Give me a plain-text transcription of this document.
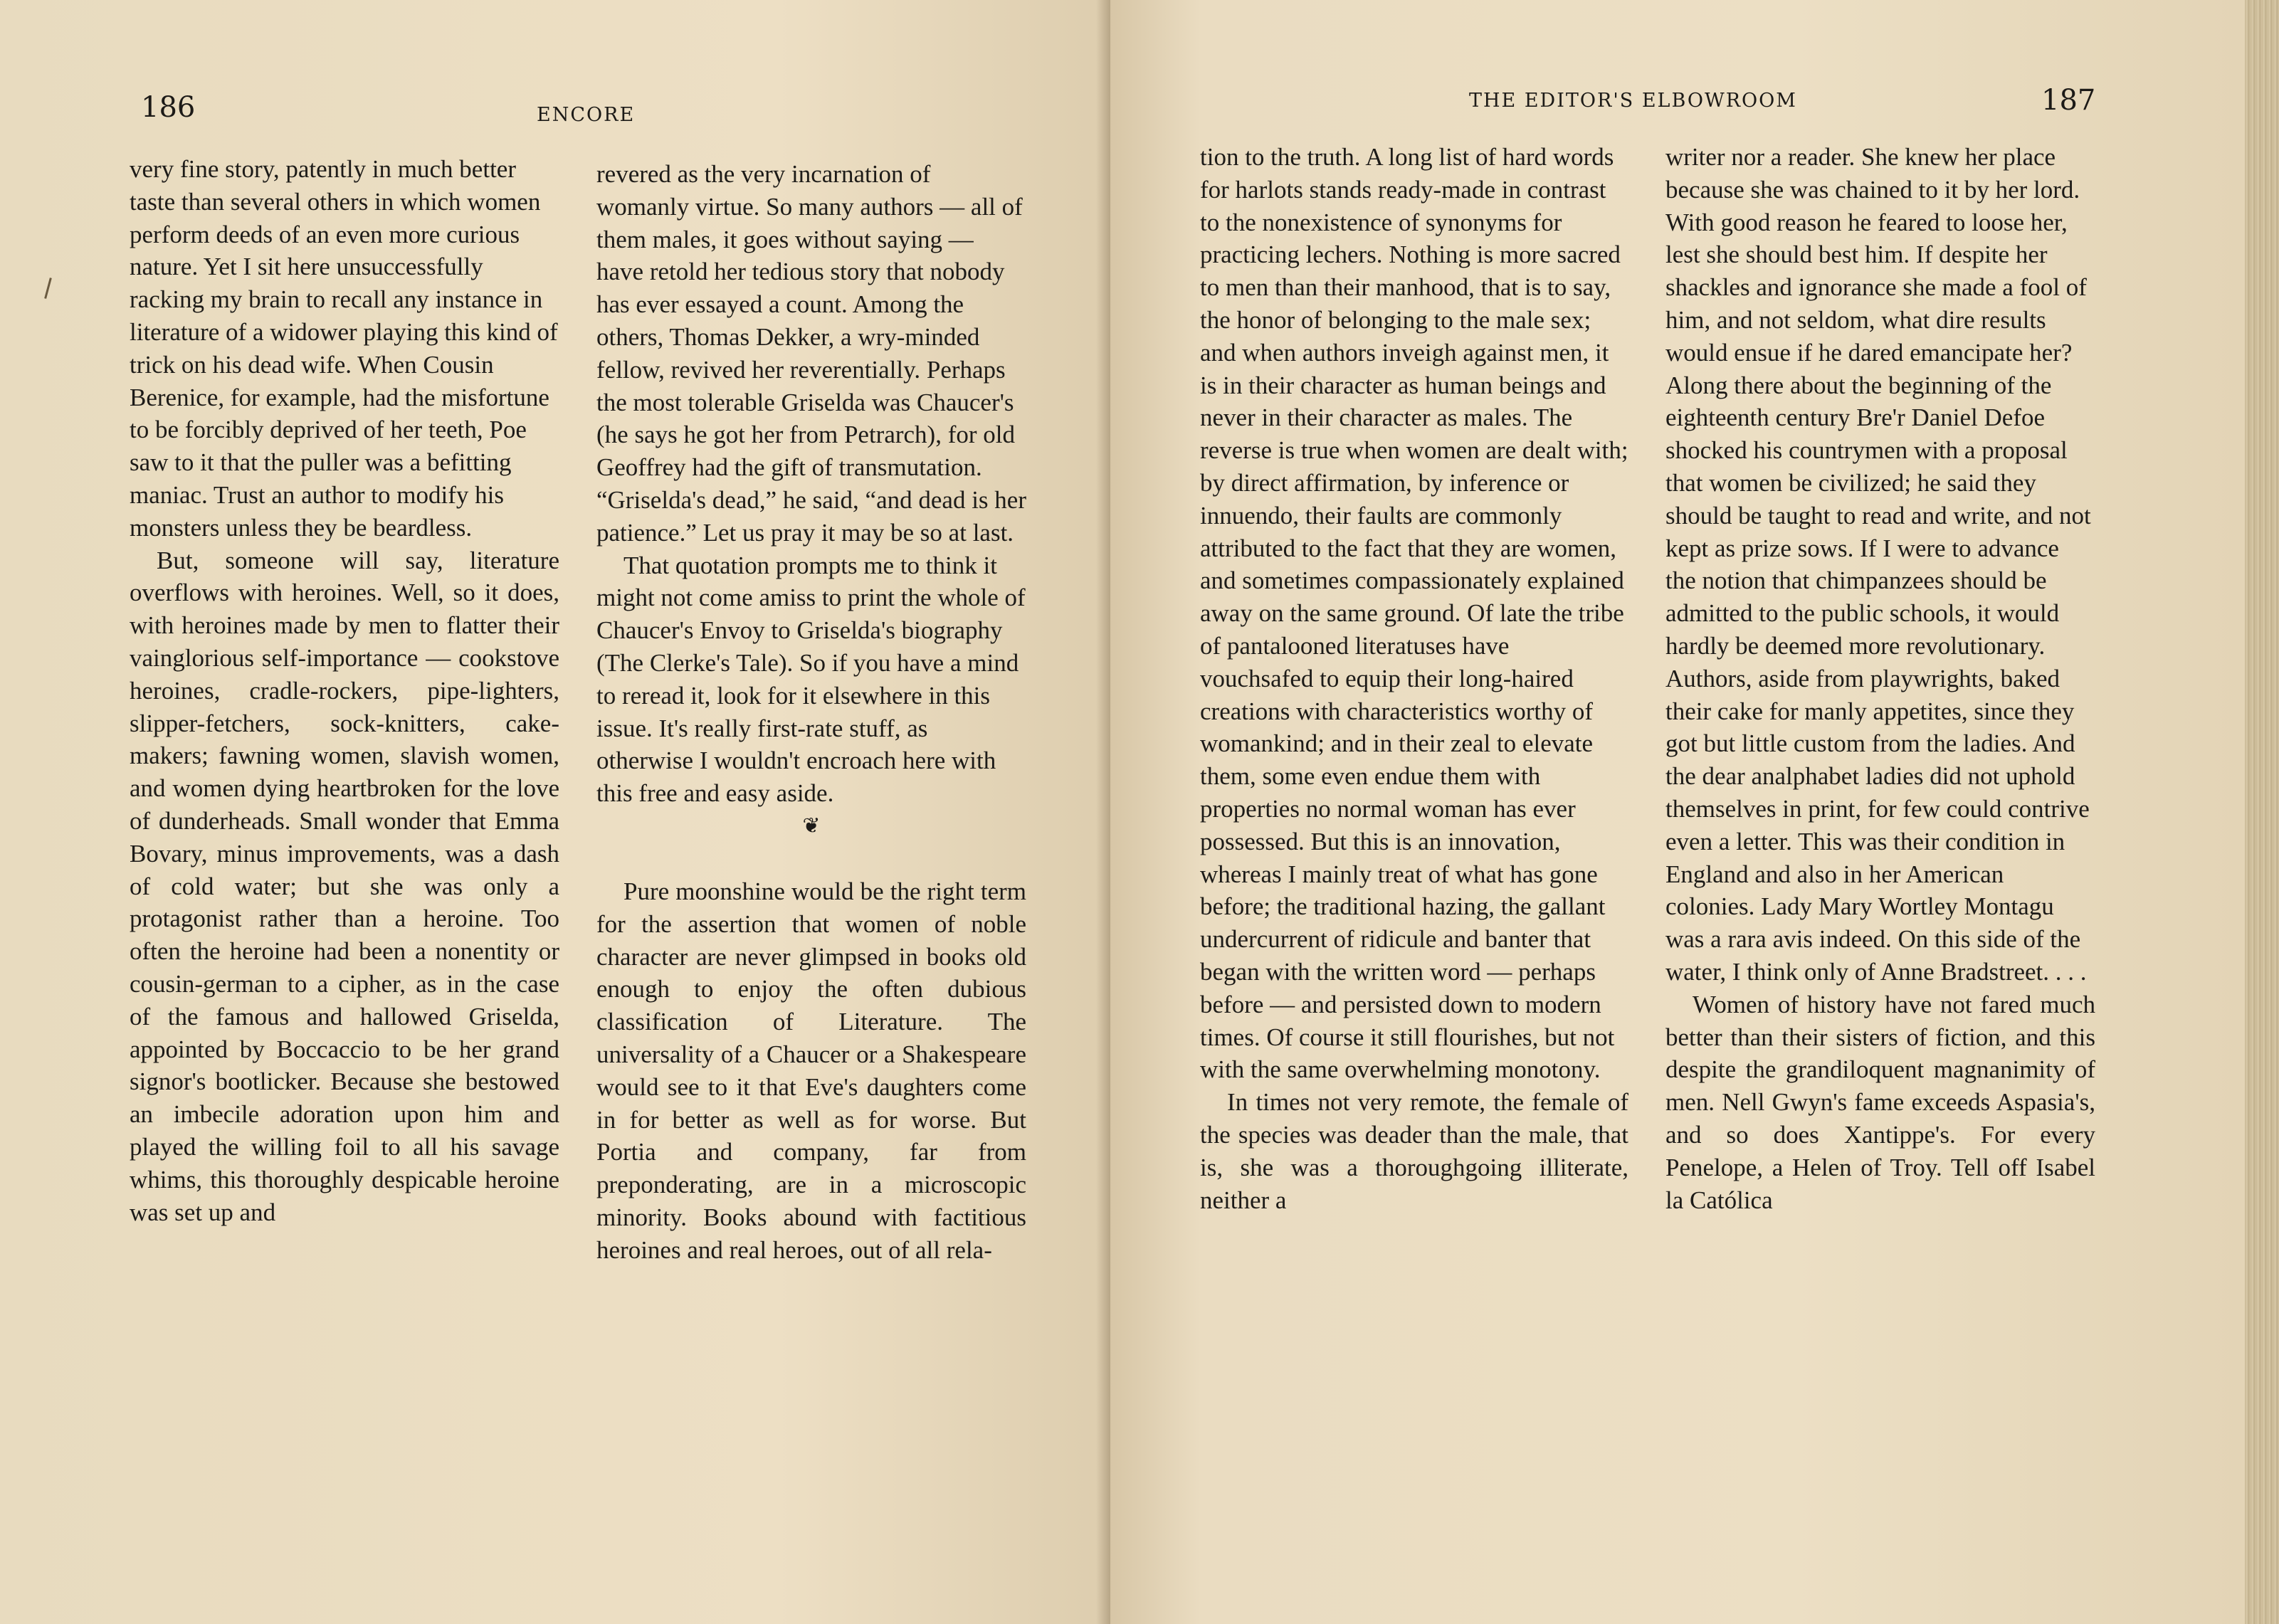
186	ENCORE

very fine story, patently in much better taste than several others in which women perform deeds of an even more curious nature. Yet I sit here unsuccessfully racking my brain to recall any instance in literature of a widower playing this kind of trick on his dead wife. When Cousin Berenice, for example, had the misfortune to be forcibly deprived of her teeth, Poe saw to it that the puller was a befitting maniac. Trust an author to modify his monsters unless they be beardless.

But, someone will say, literature overflows with heroines. Well, so it does, with heroines made by men to flatter their vainglorious self-importance — cookstove heroines, cradle-rockers, pipe-lighters, slipper-fetchers, sock-knitters, cake-makers; fawning women, slavish women, and women dying heartbroken for the love of dunderheads. Small wonder that Emma Bovary, minus improvements, was a dash of cold water; but she was only a protagonist rather than a heroine. Too often the heroine had been a nonentity or cousin-german to a cipher, as in the case of the famous and hallowed Griselda, appointed by Boccaccio to be her grand signor's bootlicker. Because she bestowed an imbecile adoration upon him and played the willing foil to all his savage whims, this thoroughly despicable heroine was set up and

revered as the very incarnation of womanly virtue. So many authors — all of them males, it goes without saying — have retold her tedious story that nobody has ever essayed a count. Among the others, Thomas Dekker, a wry-minded fellow, revived her reverentially. Perhaps the most tolerable Griselda was Chaucer's (he says he got her from Petrarch), for old Geoffrey had the gift of transmutation. “Griselda's dead,” he said, “and dead is her patience.” Let us pray it may be so at last.

That quotation prompts me to think it might not come amiss to print the whole of Chaucer's Envoy to Griselda's biography (The Clerke's Tale). So if you have a mind to reread it, look for it elsewhere in this issue. It's really first-rate stuff, as otherwise I wouldn't encroach here with this free and easy aside.

❦

Pure moonshine would be the right term for the assertion that women of noble character are never glimpsed in books old enough to enjoy the often dubious classification of Literature. The universality of a Chaucer or a Shakespeare would see to it that Eve's daughters come in for better as well as for worse. But Portia and company, far from preponderating, are in a microscopic minority. Books abound with factitious heroines and real heroes, out of all rela-

THE EDITOR'S ELBOWROOM	187

tion to the truth. A long list of hard words for harlots stands ready-made in contrast to the nonexistence of synonyms for practicing lechers. Nothing is more sacred to men than their manhood, that is to say, the honor of belonging to the male sex; and when authors inveigh against men, it is in their character as human beings and never in their character as males. The reverse is true when women are dealt with; by direct affirmation, by inference or innuendo, their faults are commonly attributed to the fact that they are women, and sometimes compassionately explained away on the same ground. Of late the tribe of pantalooned literatuses have vouchsafed to equip their long-haired creations with characteristics worthy of womankind; and in their zeal to elevate them, some even endue them with properties no normal woman has ever possessed. But this is an innovation, whereas I mainly treat of what has gone before; the traditional hazing, the gallant undercurrent of ridicule and banter that began with the written word — perhaps before — and persisted down to modern times. Of course it still flourishes, but not with the same overwhelming monotony.

In times not very remote, the female of the species was deader than the male, that is, she was a thoroughgoing illiterate, neither a

writer nor a reader. She knew her place because she was chained to it by her lord. With good reason he feared to loose her, lest she should best him. If despite her shackles and ignorance she made a fool of him, and not seldom, what dire results would ensue if he dared emancipate her? Along there about the beginning of the eighteenth century Bre'r Daniel Defoe shocked his countrymen with a proposal that women be civilized; he said they should be taught to read and write, and not kept as prize sows. If I were to advance the notion that chimpanzees should be admitted to the public schools, it would hardly be deemed more revolutionary. Authors, aside from playwrights, baked their cake for manly appetites, since they got but little custom from the ladies. And the dear analphabet ladies did not uphold themselves in print, for few could contrive even a letter. This was their condition in England and also in her American colonies. Lady Mary Wortley Montagu was a rara avis indeed. On this side of the water, I think only of Anne Bradstreet. . . .

Women of history have not fared much better than their sisters of fiction, and this despite the grandiloquent magnanimity of men. Nell Gwyn's fame exceeds Aspasia's, and so does Xantippe's. For every Penelope, a Helen of Troy. Tell off Isabel la Católica
